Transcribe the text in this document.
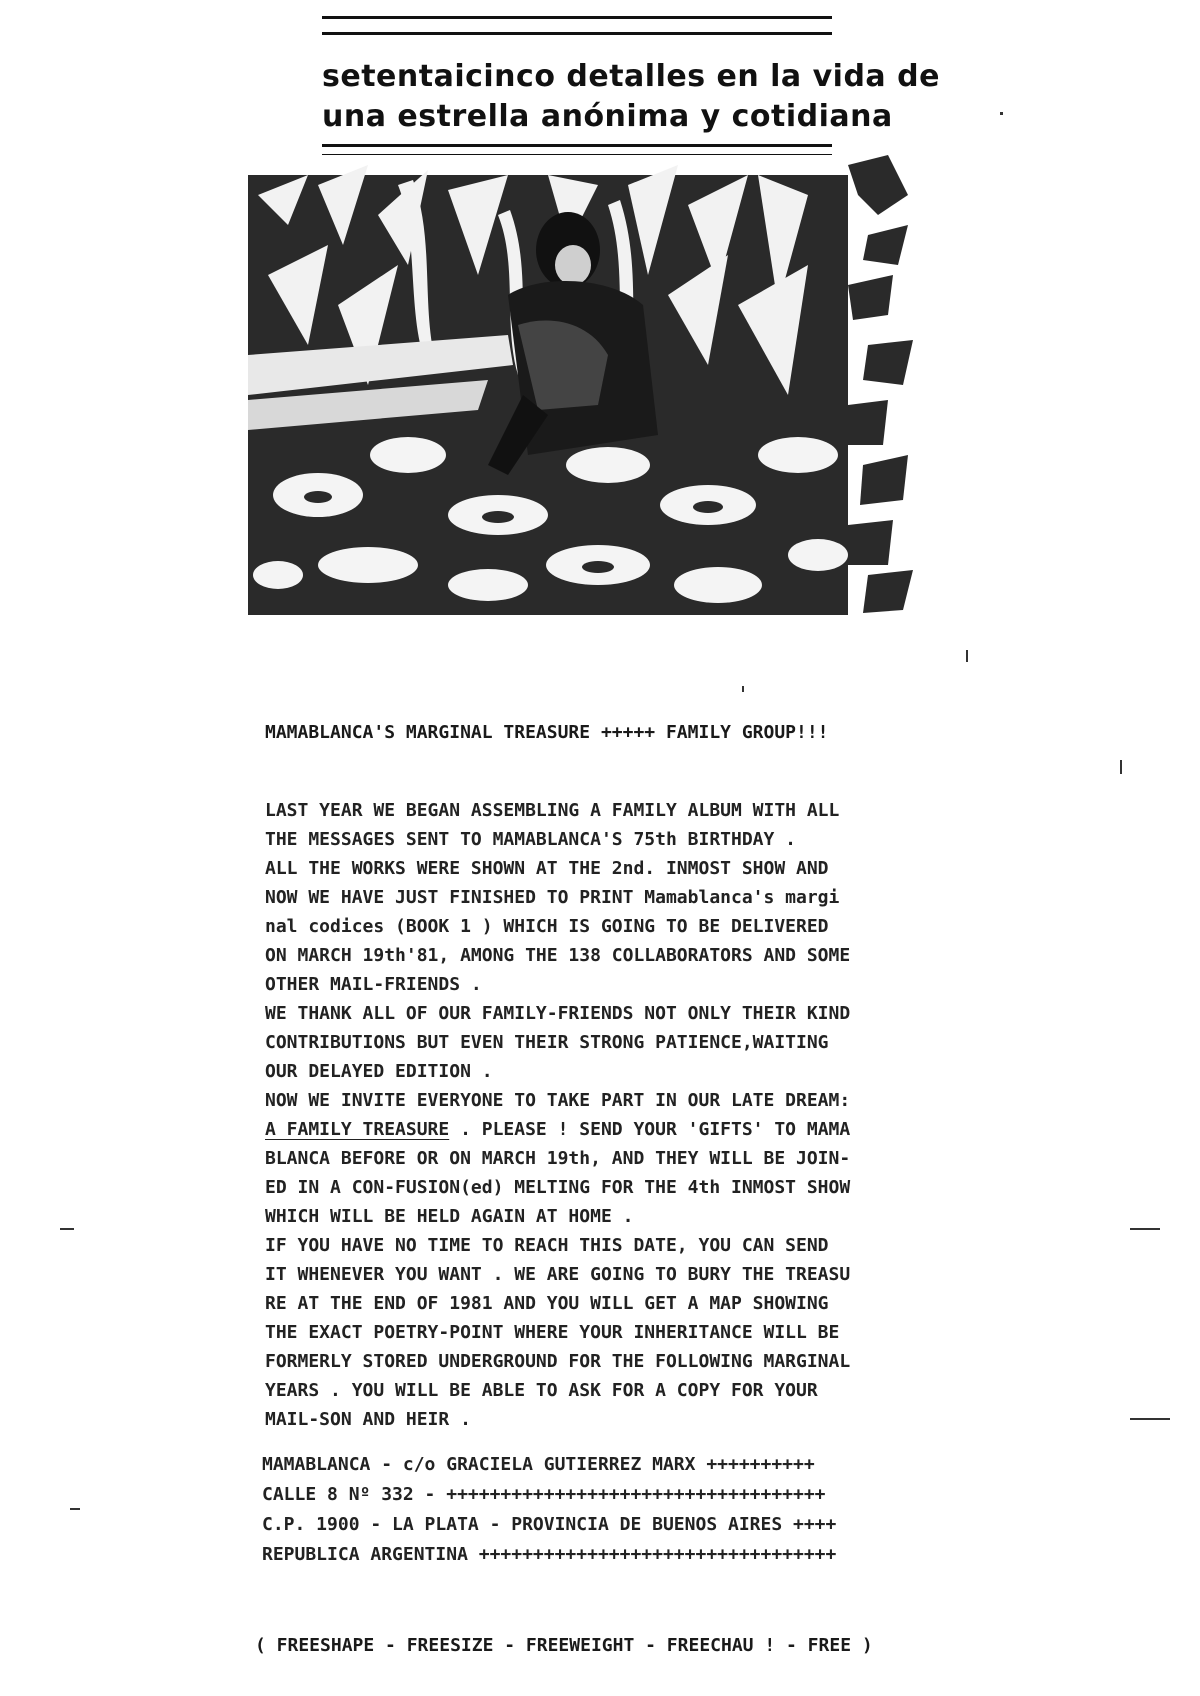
setentaicinco detalles en la vida de
una estrella anónima y cotidiana
MAMABLANCA'S MARGINAL TREASURE +++++ FAMILY GROUP!!!
LAST YEAR WE BEGAN ASSEMBLING A FAMILY ALBUM WITH ALL
THE MESSAGES SENT TO MAMABLANCA'S 75th BIRTHDAY .
ALL THE WORKS WERE SHOWN AT THE 2nd. INMOST SHOW AND
NOW WE HAVE JUST FINISHED TO PRINT Mamablanca's margi
nal codices (BOOK 1 ) WHICH IS GOING TO BE DELIVERED
ON MARCH 19th'81, AMONG THE 138 COLLABORATORS AND SOME
OTHER MAIL-FRIENDS .
WE THANK ALL OF OUR FAMILY-FRIENDS NOT ONLY THEIR KIND
CONTRIBUTIONS BUT EVEN THEIR STRONG PATIENCE,WAITING
OUR DELAYED EDITION .
NOW WE INVITE EVERYONE TO TAKE PART IN OUR LATE DREAM:
A FAMILY TREASURE . PLEASE ! SEND YOUR 'GIFTS' TO MAMA
BLANCA BEFORE OR ON MARCH 19th, AND THEY WILL BE JOIN-
ED IN A CON-FUSION(ed) MELTING FOR THE 4th INMOST SHOW
WHICH WILL BE HELD AGAIN AT HOME .
IF YOU HAVE NO TIME TO REACH THIS DATE, YOU CAN SEND
IT WHENEVER YOU WANT . WE ARE GOING TO BURY THE TREASU
RE AT THE END OF 1981 AND YOU WILL GET A MAP SHOWING
THE EXACT POETRY-POINT WHERE YOUR INHERITANCE WILL BE
FORMERLY STORED UNDERGROUND FOR THE FOLLOWING MARGINAL
YEARS . YOU WILL BE ABLE TO ASK FOR A COPY FOR YOUR
MAIL-SON AND HEIR .
MAMABLANCA - c/o GRACIELA GUTIERREZ MARX ++++++++++
CALLE 8 Nº 332 - +++++++++++++++++++++++++++++++++++
C.P. 1900 - LA PLATA - PROVINCIA DE BUENOS AIRES ++++
REPUBLICA ARGENTINA +++++++++++++++++++++++++++++++++
( FREESHAPE - FREESIZE - FREEWEIGHT - FREECHAU ! - FREE )
